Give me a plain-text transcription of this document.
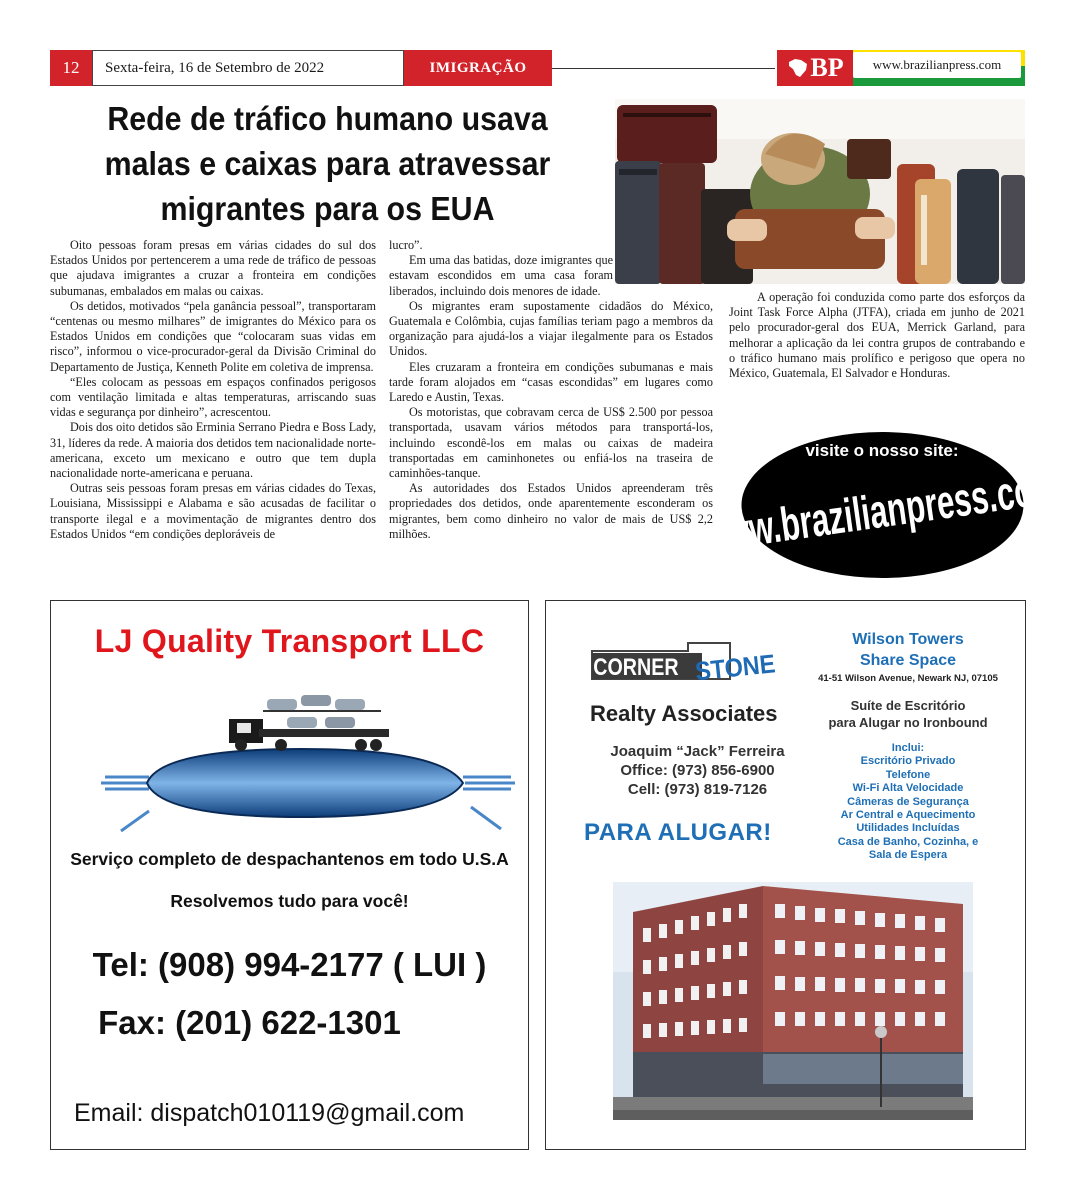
12	Sexta-feira, 16 de Setembro de 2022	IMIGRAÇÃO	BP	www.brazilianpress.com
Rede de tráfico humano usava
malas e caixas para atravessar
migrantes para os EUA

Oito pessoas foram presas em várias cidades do sul dos Estados Unidos por pertencerem a uma rede de tráfico de pessoas que ajudava imigrantes a cruzar a fronteira em condições subumanas, embalados em malas ou caixas.

Os detidos, motivados “pela ganância pessoal”, transportaram “centenas ou mesmo milhares” de imigrantes do México para os Estados Unidos em condições que “colocaram suas vidas em risco”, informou o vice-procurador-geral da Divisão Criminal do Departamento de Justiça, Kenneth Polite em coletiva de imprensa.

“Eles colocam as pessoas em espaços confinados perigosos com ventilação limitada e altas temperaturas, arriscando suas vidas e segurança por dinheiro”, acrescentou.

Dois dos oito detidos são Erminia Serrano Piedra e Boss Lady, 31, líderes da rede. A maioria dos detidos tem nacionalidade norte-americana, exceto um mexicano e outro que tem dupla nacionalidade norte-americana e peruana.

Outras seis pessoas foram presas em várias cidades do Texas, Louisiana, Mississippi e Alabama e são acusadas de facilitar o transporte ilegal e a movimentação de migrantes dentro dos Estados Unidos “em condições deploráveis de

lucro”.

Em uma das batidas, doze imigrantes que estavam escondidos em uma casa foram liberados, incluindo dois menores de idade.

Os migrantes eram supostamente cidadãos do México, Guatemala e Colômbia, cujas famílias teriam pago a membros da organização para ajudá-los a viajar ilegalmente para os Estados Unidos.

Eles cruzaram a fronteira em condições subumanas e mais tarde foram alojados em “casas escondidas” em lugares como Laredo e Austin, Texas.

Os motoristas, que cobravam cerca de US$ 2.500 por pessoa transportada, usavam vários métodos para transportá-los, incluindo escondê-los em malas ou caixas de madeira transportadas em caminhonetes ou enfiá-los na traseira de caminhões-tanque.

As autoridades dos Estados Unidos apreenderam três propriedades dos detidos, onde aparentemente esconderam os migrantes, bem como dinheiro no valor de mais de US$ 2,2 milhões.

A operação foi conduzida como parte dos esforços da Joint Task Force Alpha (JTFA), criada em junho de 2021 pelo procurador-geral dos EUA, Merrick Garland, para melhorar a aplicação da lei contra grupos de contrabando e o tráfico humano mais prolífico e perigoso que opera no México, Guatemala, El Salvador e Honduras.

visite o nosso site:
www.brazilianpress.com
LJ Quality Transport LLC
Serviço completo de despachantenos em todo U.S.A
Resolvemos tudo para você!
Tel: (908) 994-2177 ( LUI )
Fax: (201) 622-1301
Email: dispatch010119@gmail.com
CORNER STONE
Realty Associates
Joaquim “Jack” Ferreira
Office: (973) 856-6900
Cell: (973) 819-7126
PARA ALUGAR!
Wilson Towers
Share Space
41-51 Wilson Avenue, Newark NJ, 07105
Suíte de Escritório
para Alugar no Ironbound
Inclui:
Escritório Privado
Telefone
Wi-Fi Alta Velocidade
Câmeras de Segurança
Ar Central e Aquecimento
Utilidades Incluídas
Casa de Banho, Cozinha, e
Sala de Espera
